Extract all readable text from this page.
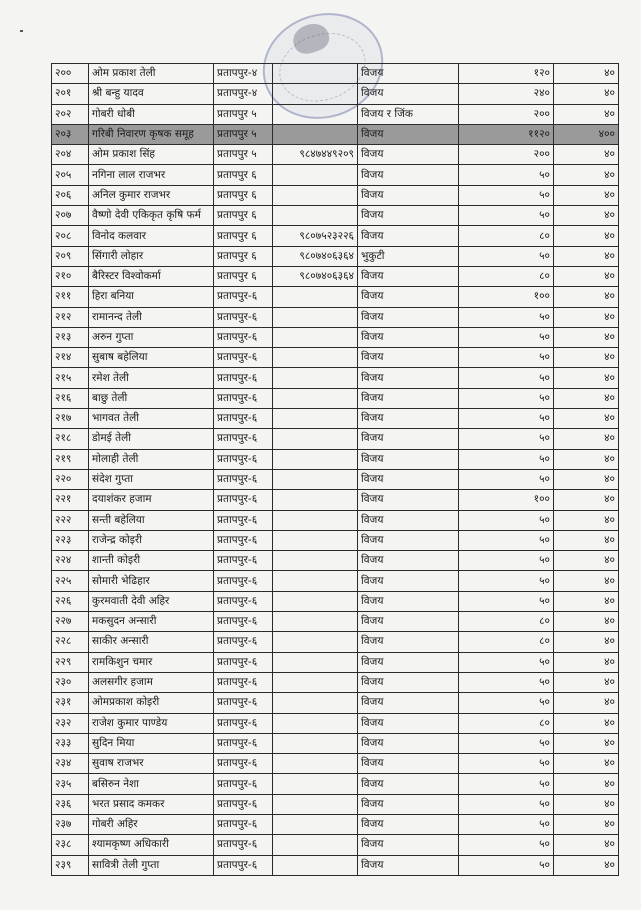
२००	ओम प्रकाश तेली	प्रतापपुर-४		विजय	१२०	४०
२०१	श्री बन्हु यादव	प्रतापपुर-४		विजय	२४०	४०
२०२	गोबरी धोबी	प्रतापपुर ५		विजय र जिंक	२००	४०
२०३	गरिबी निवारण कृषक समूह	प्रतापपुर ५		विजय	११२०	४००
२०४	ओम प्रकाश सिंह	प्रतापपुर ५	९८४७४४९२०९	विजय	२००	४०
२०५	नगिना लाल राजभर	प्रतापपुर ६		विजय	५०	४०
२०६	अनिल कुमार राजभर	प्रतापपुर ६		विजय	५०	४०
२०७	वैष्णो देवी एकिकृत कृषि फर्म	प्रतापपुर ६		विजय	५०	४०
२०८	विनोद कलवार	प्रतापपुर ६	९८०७५२३२२६	विजय	८०	४०
२०९	सिंगारी लोहार	प्रतापपुर ६	९८०७४०६३६४	भुकुटी	५०	४०
२१०	बैरिस्टर विश्वोकर्मा	प्रतापपुर ६	९८०७४०६३६४	विजय	८०	४०
२११	हिरा बनिया	प्रतापपुर-६		विजय	१००	४०
२१२	रामानन्द तेली	प्रतापपुर-६		विजय	५०	४०
२१३	अरुन गुप्ता	प्रतापपुर-६		विजय	५०	४०
२१४	सुबाष बहेलिया	प्रतापपुर-६		विजय	५०	४०
२१५	रमेश तेली	प्रतापपुर-६		विजय	५०	४०
२१६	बाछु तेली	प्रतापपुर-६		विजय	५०	४०
२१७	भागवत तेली	प्रतापपुर-६		विजय	५०	४०
२१८	डोमई तेली	प्रतापपुर-६		विजय	५०	४०
२१९	मोलाही तेली	प्रतापपुर-६		विजय	५०	४०
२२०	संदेश गुप्ता	प्रतापपुर-६		विजय	५०	४०
२२१	दयाशंकर हजाम	प्रतापपुर-६		विजय	१००	४०
२२२	सन्ती बहेलिया	प्रतापपुर-६		विजय	५०	४०
२२३	राजेन्द्र कोइरी	प्रतापपुर-६		विजय	५०	४०
२२४	शान्ती कोइरी	प्रतापपुर-६		विजय	५०	४०
२२५	सोमारी भेढिहार	प्रतापपुर-६		विजय	५०	४०
२२६	कुरमवाती देवी अहिर	प्रतापपुर-६		विजय	५०	४०
२२७	मकसुदन अन्सारी	प्रतापपुर-६		विजय	८०	४०
२२८	साकीर अन्सारी	प्रतापपुर-६		विजय	८०	४०
२२९	रामकिशुन चमार	प्रतापपुर-६		विजय	५०	४०
२३०	अलसगीर हजाम	प्रतापपुर-६		विजय	५०	४०
२३१	ओमप्रकाश कोइरी	प्रतापपुर-६		विजय	५०	४०
२३२	राजेश कुमार पाण्डेय	प्रतापपुर-६		विजय	८०	४०
२३३	सुदिन मिया	प्रतापपुर-६		विजय	५०	४०
२३४	सुवाष राजभर	प्रतापपुर-६		विजय	५०	४०
२३५	बसिरुन नेशा	प्रतापपुर-६		विजय	५०	४०
२३६	भरत प्रसाद कमकर	प्रतापपुर-६		विजय	५०	४०
२३७	गोबरी अहिर	प्रतापपुर-६		विजय	५०	४०
२३८	श्यामकृष्ण अधिकारी	प्रतापपुर-६		विजय	५०	४०
२३९	सावित्री तेली गुप्ता	प्रतापपुर-६		विजय	५०	४०
